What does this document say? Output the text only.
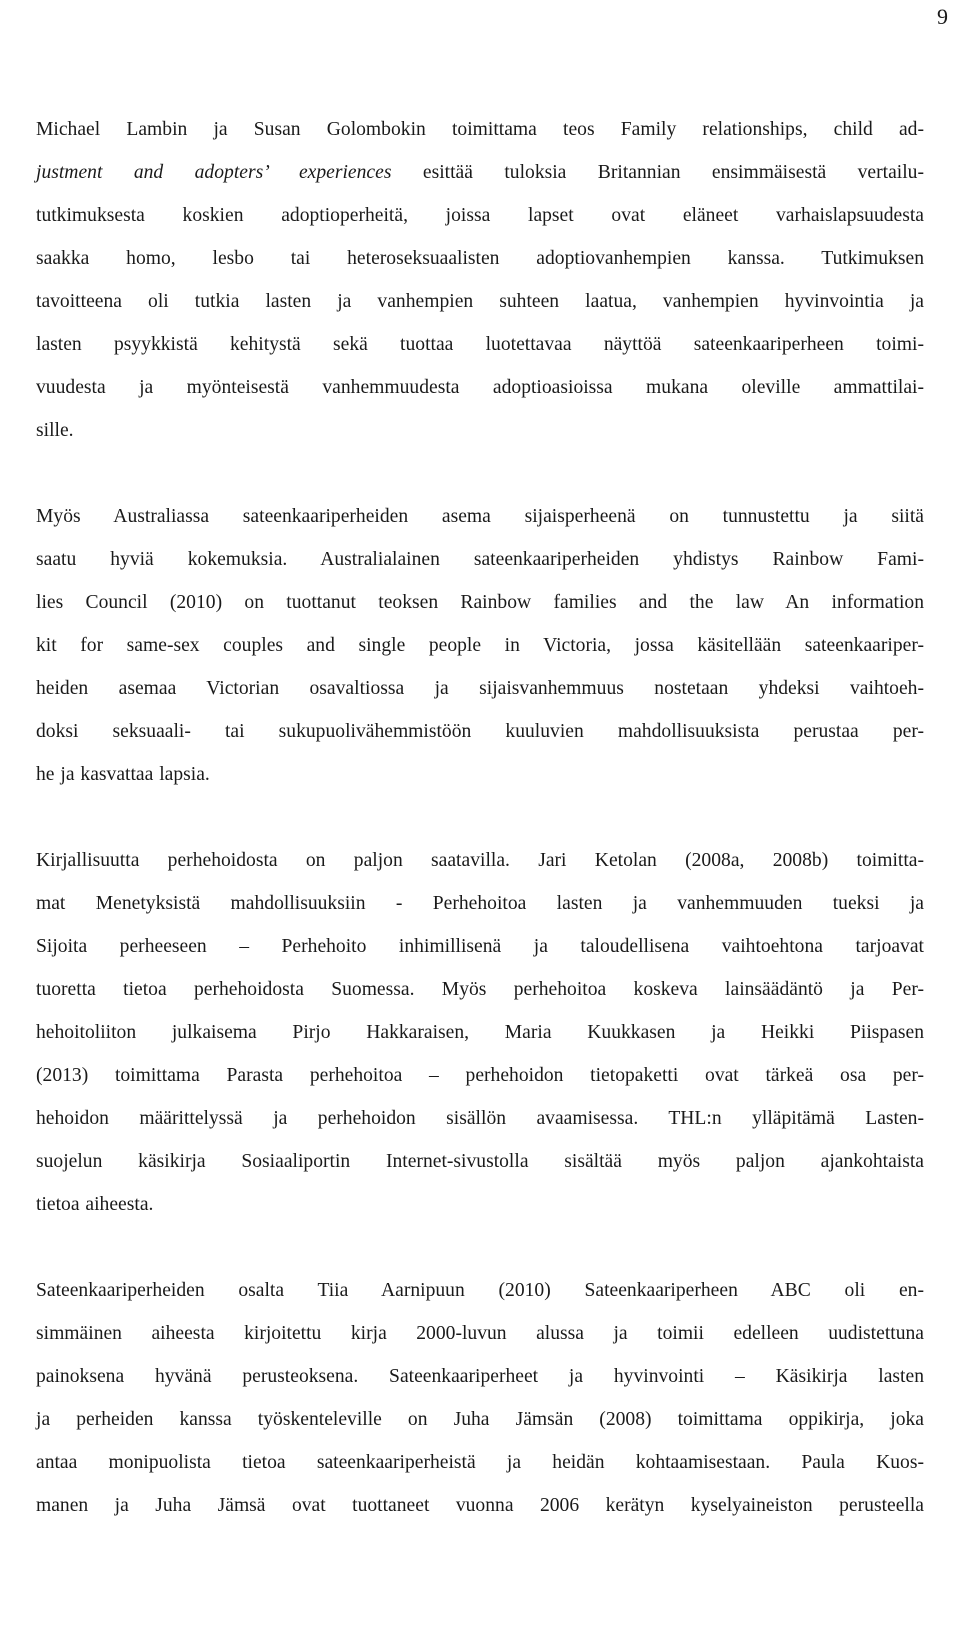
9

Michael Lambin ja Susan Golombokin toimittama teos Family relationships, child ad-
justment and adopters’ experiences esittää tuloksia Britannian ensimmäisestä vertailu-
tutkimuksesta koskien adoptioperheitä, joissa lapset ovat eläneet varhaislapsuudesta
saakka homo, lesbo tai heteroseksuaalisten adoptiovanhempien kanssa. Tutkimuksen
tavoitteena oli tutkia lasten ja vanhempien suhteen laatua, vanhempien hyvinvointia ja
lasten psyykkistä kehitystä sekä tuottaa luotettavaa näyttöä sateenkaariperheen toimi-
vuudesta ja myönteisestä vanhemmuudesta adoptioasioissa mukana oleville ammattilai-
sille.

Myös Australiassa sateenkaariperheiden asema sijaisperheenä on tunnustettu ja siitä
saatu hyviä kokemuksia. Australialainen sateenkaariperheiden yhdistys Rainbow Fami-
lies Council (2010) on tuottanut teoksen Rainbow families and the law An information
kit for same-sex couples and single people in Victoria, jossa käsitellään sateenkaariper-
heiden asemaa Victorian osavaltiossa ja sijaisvanhemmuus nostetaan yhdeksi vaihtoeh-
doksi seksuaali- tai sukupuolivähemmistöön kuuluvien mahdollisuuksista perustaa per-
he ja kasvattaa lapsia.

Kirjallisuutta perhehoidosta on paljon saatavilla. Jari Ketolan (2008a, 2008b) toimitta-
mat Menetyksistä mahdollisuuksiin - Perhehoitoa lasten ja vanhemmuuden tueksi ja
Sijoita perheeseen – Perhehoito inhimillisenä ja taloudellisena vaihtoehtona tarjoavat
tuoretta tietoa perhehoidosta Suomessa. Myös perhehoitoa koskeva lainsäädäntö ja Per-
hehoitoliiton julkaisema Pirjo Hakkaraisen, Maria Kuukkasen ja Heikki Piispasen
(2013) toimittama Parasta perhehoitoa – perhehoidon tietopaketti ovat tärkeä osa per-
hehoidon määrittelyssä ja perhehoidon sisällön avaamisessa. THL:n ylläpitämä Lasten-
suojelun käsikirja Sosiaaliportin Internet-sivustolla sisältää myös paljon ajankohtaista
tietoa aiheesta.

Sateenkaariperheiden osalta Tiia Aarnipuun (2010) Sateenkaariperheen ABC oli en-
simmäinen aiheesta kirjoitettu kirja 2000-luvun alussa ja toimii edelleen uudistettuna
painoksena hyvänä perusteoksena. Sateenkaariperheet ja hyvinvointi – Käsikirja lasten
ja perheiden kanssa työskenteleville on Juha Jämsän (2008) toimittama oppikirja, joka
antaa monipuolista tietoa sateenkaariperheistä ja heidän kohtaamisestaan. Paula Kuos-
manen ja Juha Jämsä ovat tuottaneet vuonna 2006 kerätyn kyselyaineiston perusteella
